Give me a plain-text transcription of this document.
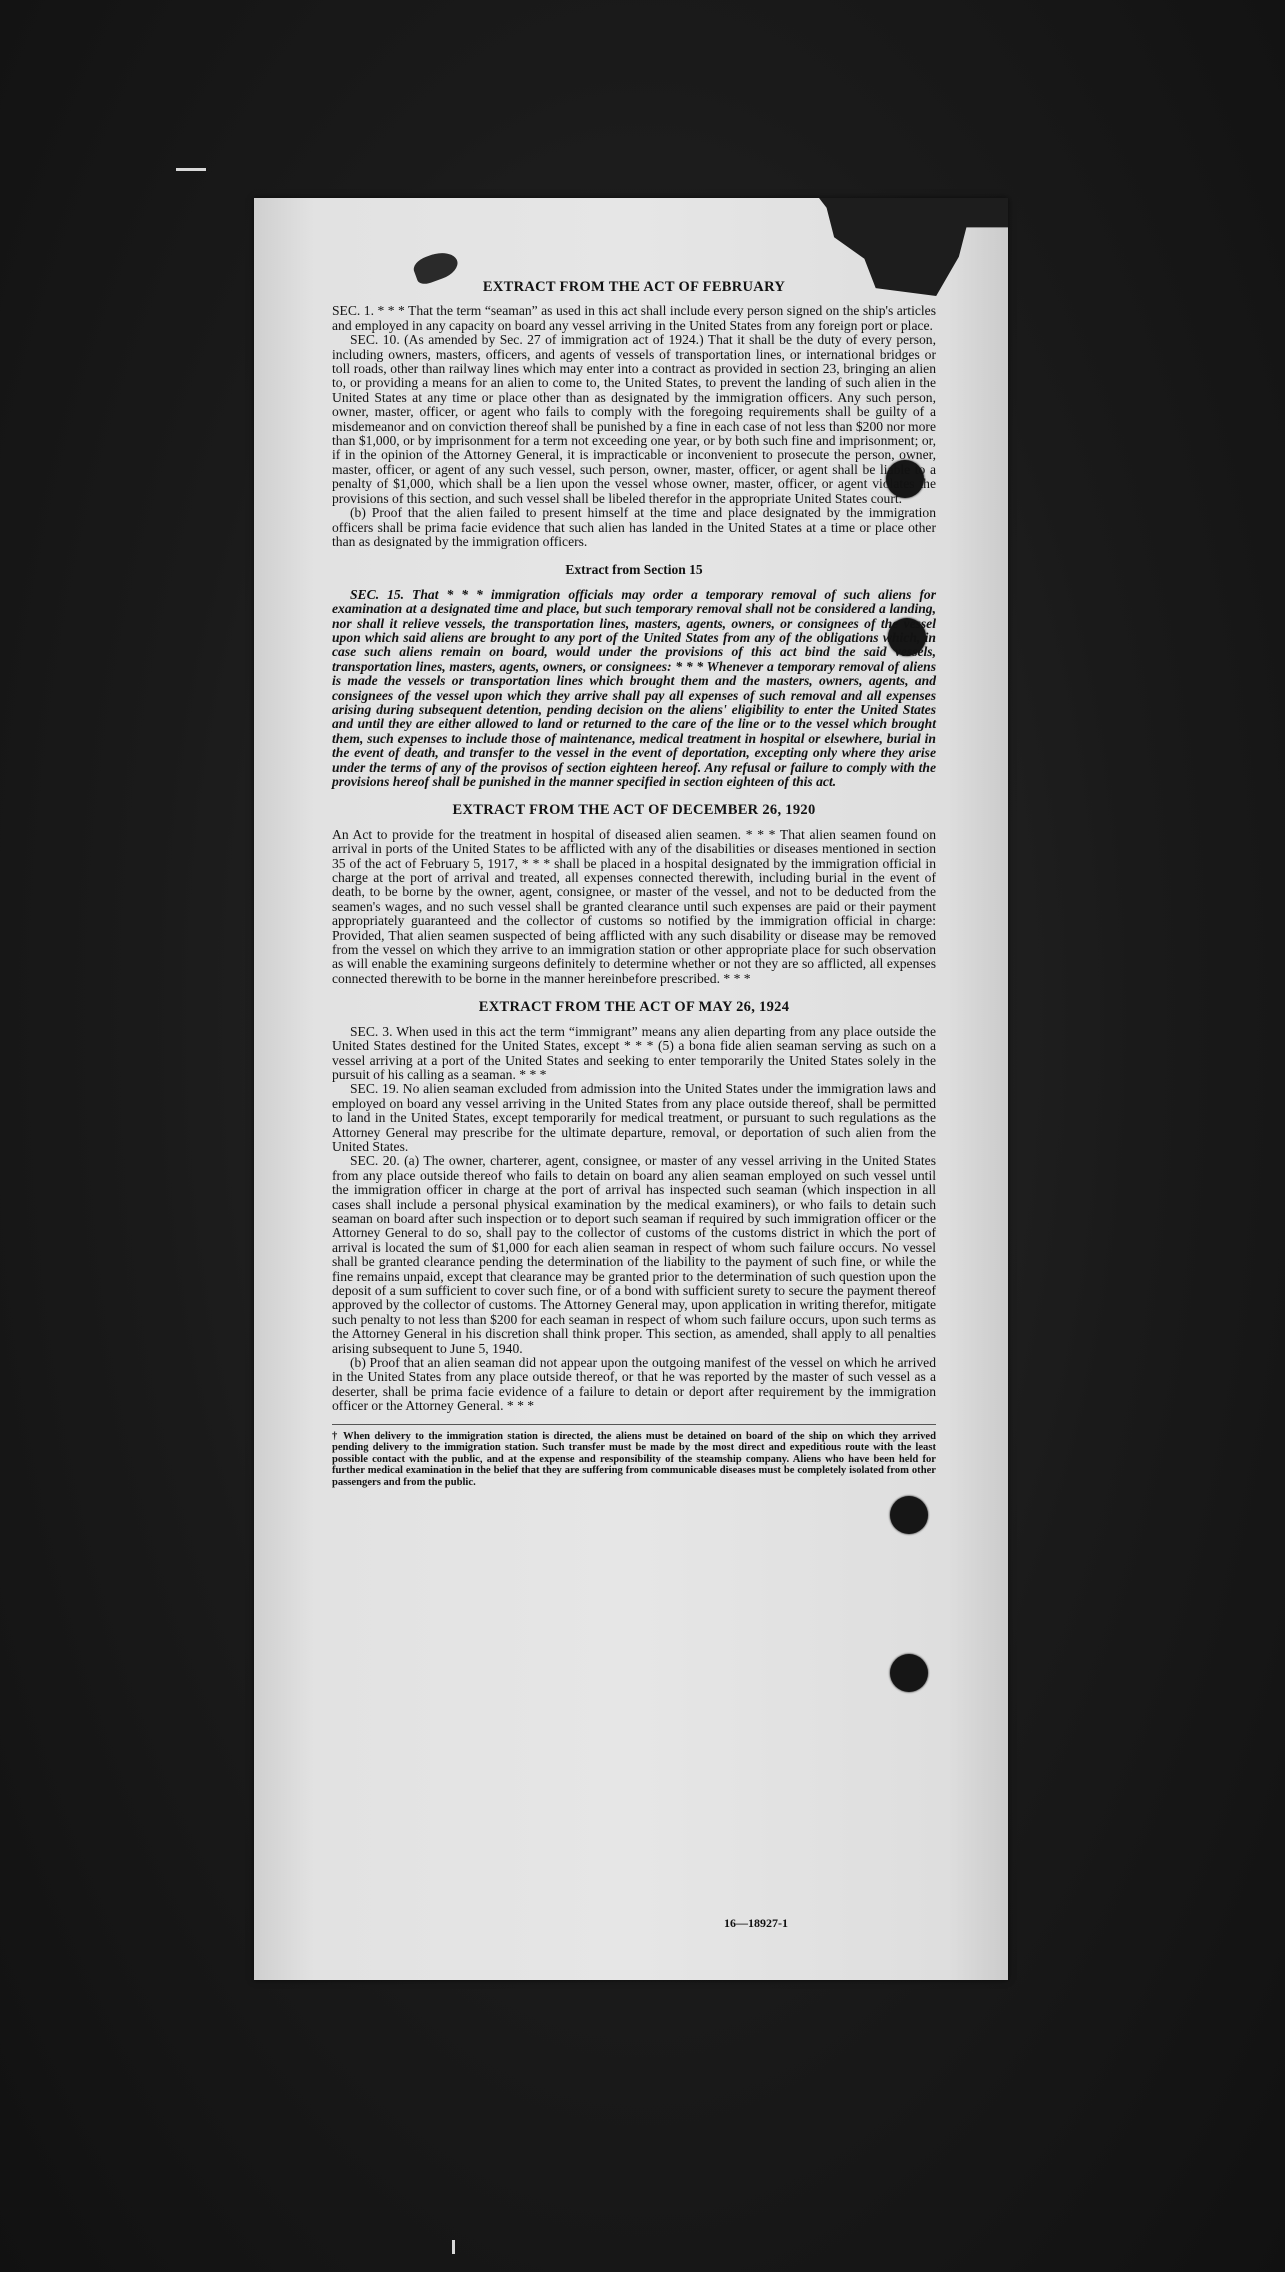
EXTRACT FROM THE ACT OF FEBRUARY

SEC. 1. * * * That the term “seaman” as used in this act shall include every person signed on the ship's articles and employed in any capacity on board any vessel arriving in the United States from any foreign port or place.

SEC. 10. (As amended by Sec. 27 of immigration act of 1924.) That it shall be the duty of every person, including owners, masters, officers, and agents of vessels of transportation lines, or international bridges or toll roads, other than railway lines which may enter into a contract as provided in section 23, bringing an alien to, or providing a means for an alien to come to, the United States, to prevent the landing of such alien in the United States at any time or place other than as designated by the immigration officers. Any such person, owner, master, officer, or agent who fails to comply with the foregoing requirements shall be guilty of a misdemeanor and on conviction thereof shall be punished by a fine in each case of not less than $200 nor more than $1,000, or by imprisonment for a term not exceeding one year, or by both such fine and imprisonment; or, if in the opinion of the Attorney General, it is impracticable or inconvenient to prosecute the person, owner, master, officer, or agent of any such vessel, such person, owner, master, officer, or agent shall be liable to a penalty of $1,000, which shall be a lien upon the vessel whose owner, master, officer, or agent violates the provisions of this section, and such vessel shall be libeled therefor in the appropriate United States court.

(b) Proof that the alien failed to present himself at the time and place designated by the immigration officers shall be prima facie evidence that such alien has landed in the United States at a time or place other than as designated by the immigration officers.

Extract from Section 15

SEC. 15. That * * * immigration officials may order a temporary removal of such aliens for examination at a designated time and place, but such temporary removal shall not be considered a landing, nor shall it relieve vessels, the transportation lines, masters, agents, owners, or consignees of the vessel upon which said aliens are brought to any port of the United States from any of the obligations which, in case such aliens remain on board, would under the provisions of this act bind the said vessels, transportation lines, masters, agents, owners, or consignees: * * * Whenever a temporary removal of aliens is made the vessels or transportation lines which brought them and the masters, owners, agents, and consignees of the vessel upon which they arrive shall pay all expenses of such removal and all expenses arising during subsequent detention, pending decision on the aliens' eligibility to enter the United States and until they are either allowed to land or returned to the care of the line or to the vessel which brought them, such expenses to include those of maintenance, medical treatment in hospital or elsewhere, burial in the event of death, and transfer to the vessel in the event of deportation, excepting only where they arise under the terms of any of the provisos of section eighteen hereof. Any refusal or failure to comply with the provisions hereof shall be punished in the manner specified in section eighteen of this act.

EXTRACT FROM THE ACT OF DECEMBER 26, 1920

An Act to provide for the treatment in hospital of diseased alien seamen. * * * That alien seamen found on arrival in ports of the United States to be afflicted with any of the disabilities or diseases mentioned in section 35 of the act of February 5, 1917, * * * shall be placed in a hospital designated by the immigration official in charge at the port of arrival and treated, all expenses connected therewith, including burial in the event of death, to be borne by the owner, agent, consignee, or master of the vessel, and not to be deducted from the seamen's wages, and no such vessel shall be granted clearance until such expenses are paid or their payment appropriately guaranteed and the collector of customs so notified by the immigration official in charge: Provided, That alien seamen suspected of being afflicted with any such disability or disease may be removed from the vessel on which they arrive to an immigration station or other appropriate place for such observation as will enable the examining surgeons definitely to determine whether or not they are so afflicted, all expenses connected therewith to be borne in the manner hereinbefore prescribed. * * *

EXTRACT FROM THE ACT OF MAY 26, 1924

SEC. 3. When used in this act the term “immigrant” means any alien departing from any place outside the United States destined for the United States, except * * * (5) a bona fide alien seaman serving as such on a vessel arriving at a port of the United States and seeking to enter temporarily the United States solely in the pursuit of his calling as a seaman. * * *

SEC. 19. No alien seaman excluded from admission into the United States under the immigration laws and employed on board any vessel arriving in the United States from any place outside thereof, shall be permitted to land in the United States, except temporarily for medical treatment, or pursuant to such regulations as the Attorney General may prescribe for the ultimate departure, removal, or deportation of such alien from the United States.

SEC. 20. (a) The owner, charterer, agent, consignee, or master of any vessel arriving in the United States from any place outside thereof who fails to detain on board any alien seaman employed on such vessel until the immigration officer in charge at the port of arrival has inspected such seaman (which inspection in all cases shall include a personal physical examination by the medical examiners), or who fails to detain such seaman on board after such inspection or to deport such seaman if required by such immigration officer or the Attorney General to do so, shall pay to the collector of customs of the customs district in which the port of arrival is located the sum of $1,000 for each alien seaman in respect of whom such failure occurs. No vessel shall be granted clearance pending the determination of the liability to the payment of such fine, or while the fine remains unpaid, except that clearance may be granted prior to the determination of such question upon the deposit of a sum sufficient to cover such fine, or of a bond with sufficient surety to secure the payment thereof approved by the collector of customs. The Attorney General may, upon application in writing therefor, mitigate such penalty to not less than $200 for each seaman in respect of whom such failure occurs, upon such terms as the Attorney General in his discretion shall think proper. This section, as amended, shall apply to all penalties arising subsequent to June 5, 1940.

(b) Proof that an alien seaman did not appear upon the outgoing manifest of the vessel on which he arrived in the United States from any place outside thereof, or that he was reported by the master of such vessel as a deserter, shall be prima facie evidence of a failure to detain or deport after requirement by the immigration officer or the Attorney General. * * *

† When delivery to the immigration station is directed, the aliens must be detained on board of the ship on which they arrived pending delivery to the immigration station. Such transfer must be made by the most direct and expeditious route with the least possible contact with the public, and at the expense and responsibility of the steamship company. Aliens who have been held for further medical examination in the belief that they are suffering from communicable diseases must be completely isolated from other passengers and from the public.
16—18927-1
